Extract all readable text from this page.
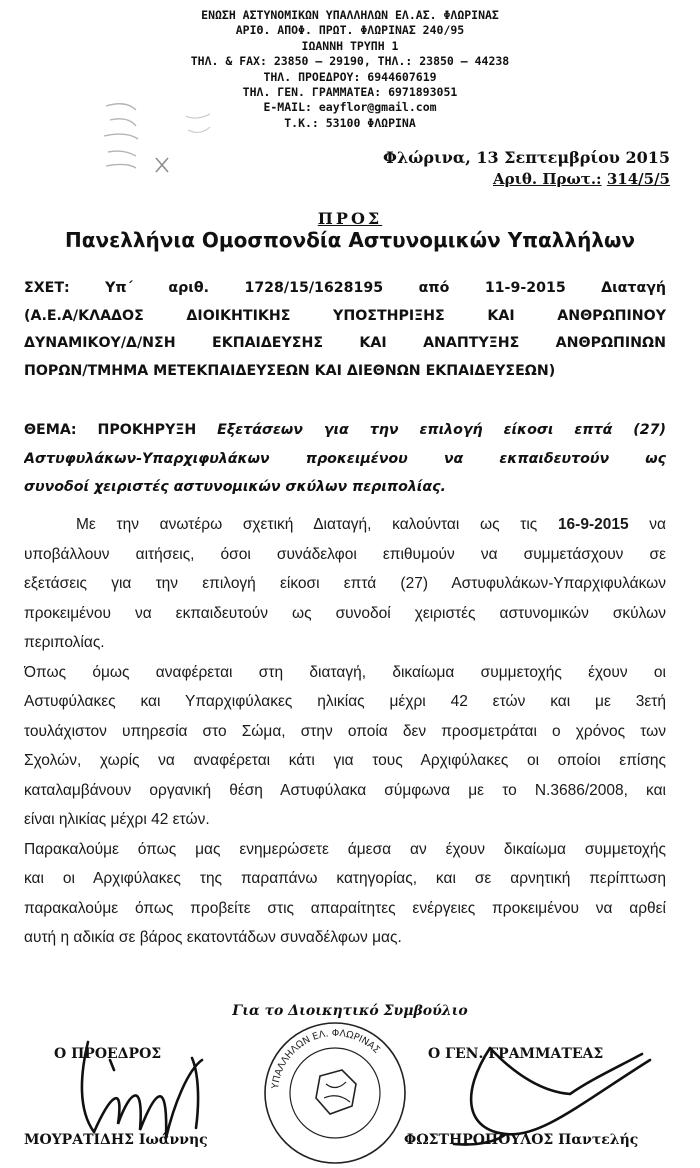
ΕΝΩΣΗ ΑΣΤΥΝΟΜΙΚΩΝ ΥΠΑΛΛΗΛΩΝ ΕΛ.ΑΣ. ΦΛΩΡΙΝΑΣ
ΑΡΙΘ. ΑΠΟΦ. ΠΡΩΤ. ΦΛΩΡΙΝΑΣ 240/95
ΙΩΑΝΝΗ ΤΡΥΠΗ 1
ΤΗΛ. & FAX: 23850 – 29190, ΤΗΛ.: 23850 – 44238
ΤΗΛ. ΠΡΟΕΔΡΟΥ: 6944607619
ΤΗΛ. ΓΕΝ. ΓΡΑΜΜΑΤΕΑ: 6971893051
E-MAIL: eayflor@gmail.com
Τ.Κ.: 53100 ΦΛΩΡΙΝΑ
Φλώρινα, 13 Σεπτεμβρίου 2015
Αριθ. Πρωτ.: 314/5/5
ΠΡΟΣ
Πανελλήνια Ομοσπονδία Αστυνομικών Υπαλλήλων
ΣΧΕΤ: Υπ΄ αριθ. 1728/15/1628195 από 11-9-2015 Διαταγή
(Α.Ε.Α/ΚΛΑΔΟΣ ΔΙΟΙΚΗΤΙΚΗΣ ΥΠΟΣΤΗΡΙΞΗΣ ΚΑΙ ΑΝΘΡΩΠΙΝΟΥ
ΔΥΝΑΜΙΚΟΥ/Δ/ΝΣΗ ΕΚΠΑΙΔΕΥΣΗΣ ΚΑΙ ΑΝΑΠΤΥΞΗΣ ΑΝΘΡΩΠΙΝΩΝ
ΠΟΡΩΝ/ΤΜΗΜΑ ΜΕΤΕΚΠΑΙΔΕΥΣΕΩΝ ΚΑΙ ΔΙΕΘΝΩΝ ΕΚΠΑΙΔΕΥΣΕΩΝ)
ΘΕΜΑ: ΠΡΟΚΗΡΥΞΗ Εξετάσεων για την επιλογή είκοσι επτά (27)
Αστυφυλάκων-Υπαρχιφυλάκων προκειμένου να εκπαιδευτούν ως
συνοδοί χειριστές αστυνομικών σκύλων περιπολίας.
Με την ανωτέρω σχετική Διαταγή, καλούνται ως τις 16-9-2015 να
υποβάλλουν αιτήσεις, όσοι συνάδελφοι επιθυμούν να συμμετάσχουν σε
εξετάσεις για την επιλογή είκοσι επτά (27) Αστυφυλάκων-Υπαρχιφυλάκων
προκειμένου να εκπαιδευτούν ως συνοδοί χειριστές αστυνομικών σκύλων
περιπολίας.
Όπως όμως αναφέρεται στη διαταγή, δικαίωμα συμμετοχής έχουν οι
Αστυφύλακες και Υπαρχιφύλακες ηλικίας μέχρι 42 ετών και με 3ετή
τουλάχιστον υπηρεσία στο Σώμα, στην οποία δεν προσμετράται ο χρόνος των
Σχολών, χωρίς να αναφέρεται κάτι για τους Αρχιφύλακες οι οποίοι επίσης
καταλαμβάνουν οργανική θέση Αστυφύλακα σύμφωνα με το Ν.3686/2008, και
είναι ηλικίας μέχρι 42 ετών.
Παρακαλούμε όπως μας ενημερώσετε άμεσα αν έχουν δικαίωμα συμμετοχής
και οι Αρχιφύλακες της παραπάνω κατηγορίας, και σε αρνητική περίπτωση
παρακαλούμε όπως προβείτε στις απαραίτητες ενέργειες προκειμένου να αρθεί
αυτή η αδικία σε βάρος εκατοντάδων συναδέλφων μας.
Για το Διοικητικό Συμβούλιο
Ο ΠΡΟΕΔΡΟΣ
ΜΟΥΡΑΤΙΔΗΣ Ιωάννης
ΥΠΑΛΛΗΛΩΝ ΕΛ. ΦΛΩΡΙΝΑΣ	Ο ΓΕΝ. ΓΡΑΜΜΑΤΕΑΣ
ΦΩΣΤΗΡΟΠΟΥΛΟΣ Παντελής
